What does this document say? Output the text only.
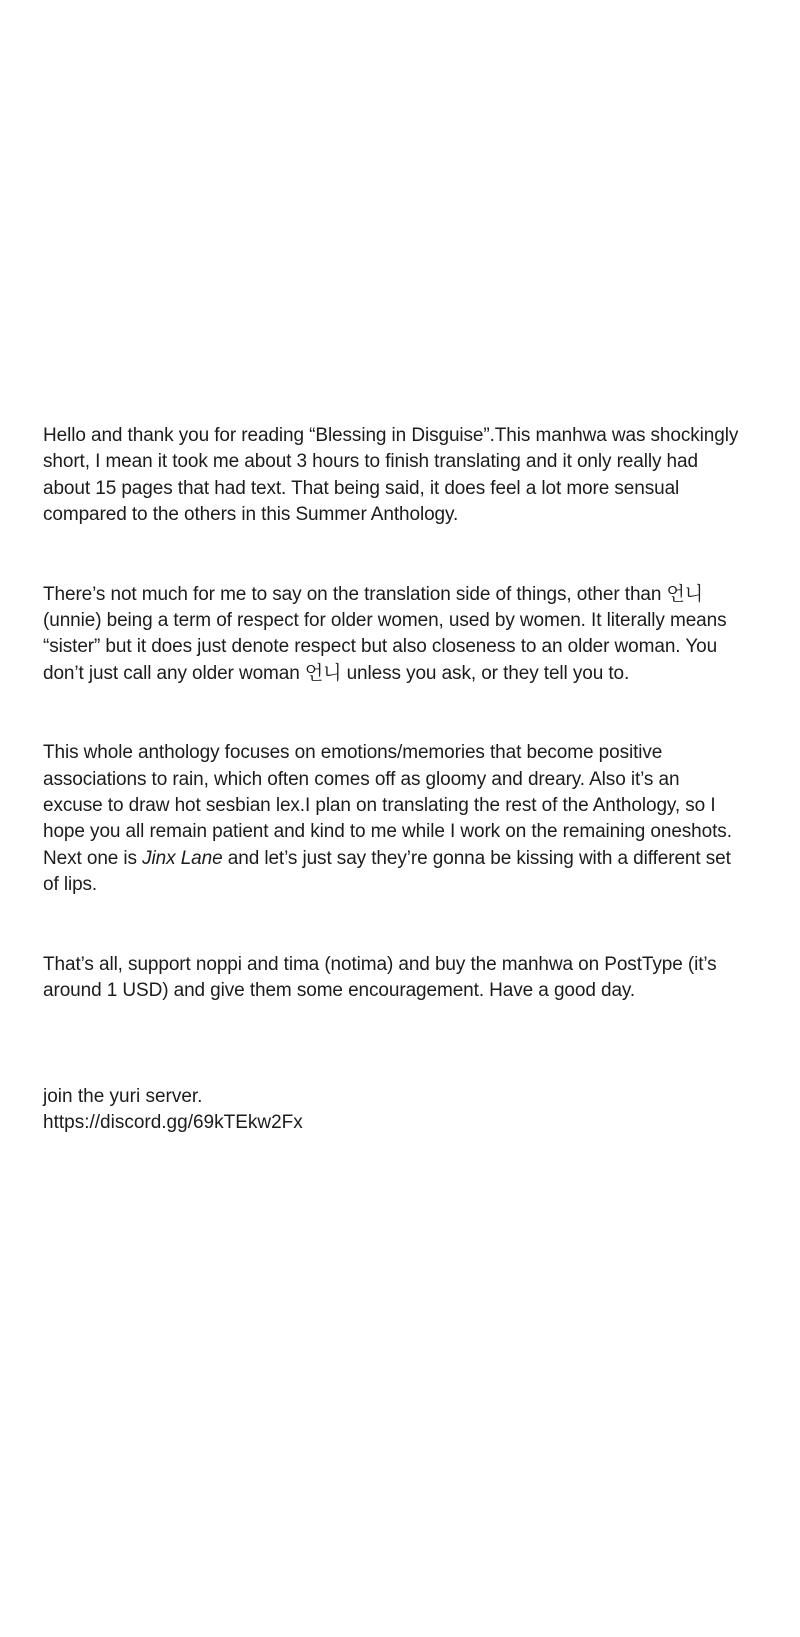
Hello and thank you for reading “Blessing in Disguise”.This manhwa was shockingly short, I mean it took me about 3 hours to finish translating and it only really had about 15 pages that had text. That being said, it does feel a lot more sensual compared to the others in this Summer Anthology.

There’s not much for me to say on the translation side of things, other than 언니 (unnie) being a term of respect for older women, used by women. It literally means “sister” but it does just denote respect but also closeness to an older woman. You don’t just call any older woman 언니 unless you ask, or they tell you to.

This whole anthology focuses on emotions/memories that become positive associations to rain, which often comes off as gloomy and dreary. Also it’s an excuse to draw hot sesbian lex.I plan on translating the rest of the Anthology, so I hope you all remain patient and kind to me while I work on the remaining oneshots. Next one is Jinx Lane and let’s just say they’re gonna be kissing with a different set of lips.

That’s all, support noppi and tima (notima) and buy the manhwa on PostType (it’s around 1 USD) and give them some encouragement. Have a good day.

join the yuri server.
https://discord.gg/69kTEkw2Fx
